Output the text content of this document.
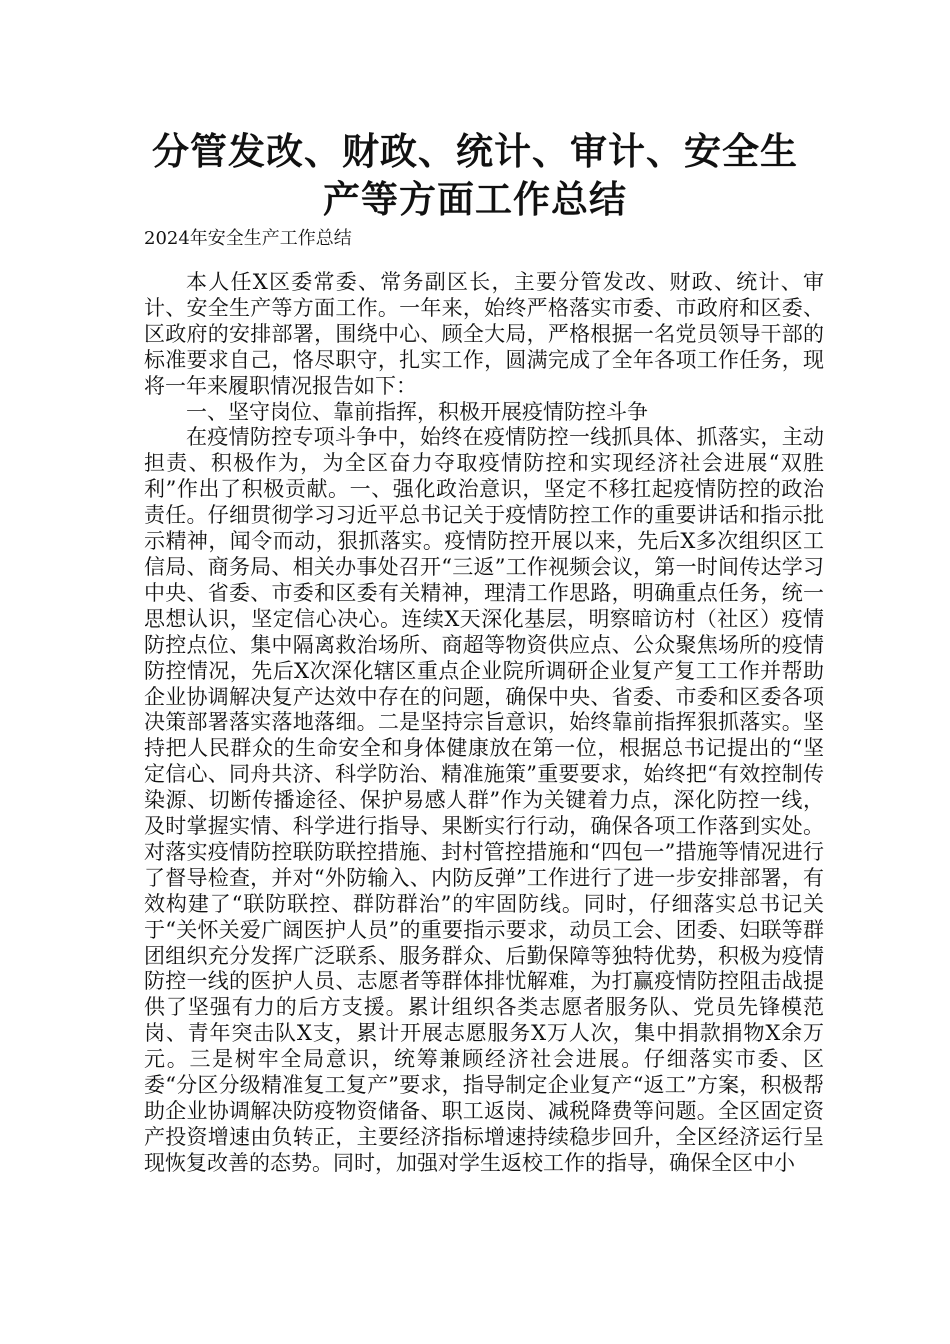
分管发改、财政、统计、审计、安全生
产等方面工作总结
2024年安全生产工作总结

本人任X区委常委、常务副区长，主要分管发改、财政、统计、审计、安全生产等方面工作。一年来，始终严格落实市委、市政府和区委、区政府的安排部署，围绕中心、顾全大局，严格根据一名党员领导干部的标准要求自己，恪尽职守，扎实工作，圆满完成了全年各项工作任务，现将一年来履职情况报告如下：

一、坚守岗位、靠前指挥，积极开展疫情防控斗争

在疫情防控专项斗争中，始终在疫情防控一线抓具体、抓落实，主动担责、积极作为，为全区奋力夺取疫情防控和实现经济社会进展“双胜利”作出了积极贡献。一、强化政治意识，坚定不移扛起疫情防控的政治责任。仔细贯彻学习习近平总书记关于疫情防控工作的重要讲话和指示批示精神，闻令而动，狠抓落实。疫情防控开展以来，先后X多次组织区工信局、商务局、相关办事处召开“三返”工作视频会议，第一时间传达学习中央、省委、市委和区委有关精神，理清工作思路，明确重点任务，统一思想认识，坚定信心决心。连续X天深化基层，明察暗访村（社区）疫情防控点位、集中隔离救治场所、商超等物资供应点、公众聚焦场所的疫情防控情况，先后X次深化辖区重点企业院所调研企业复产复工工作并帮助企业协调解决复产达效中存在的问题，确保中央、省委、市委和区委各项决策部署落实落地落细。二是坚持宗旨意识，始终靠前指挥狠抓落实。坚持把人民群众的生命安全和身体健康放在第一位，根据总书记提出的“坚定信心、同舟共济、科学防治、精准施策”重要要求，始终把“有效控制传染源、切断传播途径、保护易感人群”作为关键着力点，深化防控一线，及时掌握实情、科学进行指导、果断实行行动，确保各项工作落到实处。对落实疫情防控联防联控措施、封村管控措施和“四包一”措施等情况进行了督导检查，并对“外防输入、内防反弹”工作进行了进一步安排部署，有效构建了“联防联控、群防群治”的牢固防线。同时，仔细落实总书记关于“关怀关爱广阔医护人员”的重要指示要求，动员工会、团委、妇联等群团组织充分发挥广泛联系、服务群众、后勤保障等独特优势，积极为疫情防控一线的医护人员、志愿者等群体排忧解难，为打赢疫情防控阻击战提供了坚强有力的后方支援。累计组织各类志愿者服务队、党员先锋模范岗、青年突击队X支，累计开展志愿服务X万人次，集中捐款捐物X余万元。三是树牢全局意识，统筹兼顾经济社会进展。仔细落实市委、区委“分区分级精准复工复产”要求，指导制定企业复产“返工”方案，积极帮助企业协调解决防疫物资储备、职工返岗、减税降费等问题。全区固定资产投资增速由负转正，主要经济指标增速持续稳步回升，全区经济运行呈现恢复改善的态势。同时，加强对学生返校工作的指导，确保全区中小
